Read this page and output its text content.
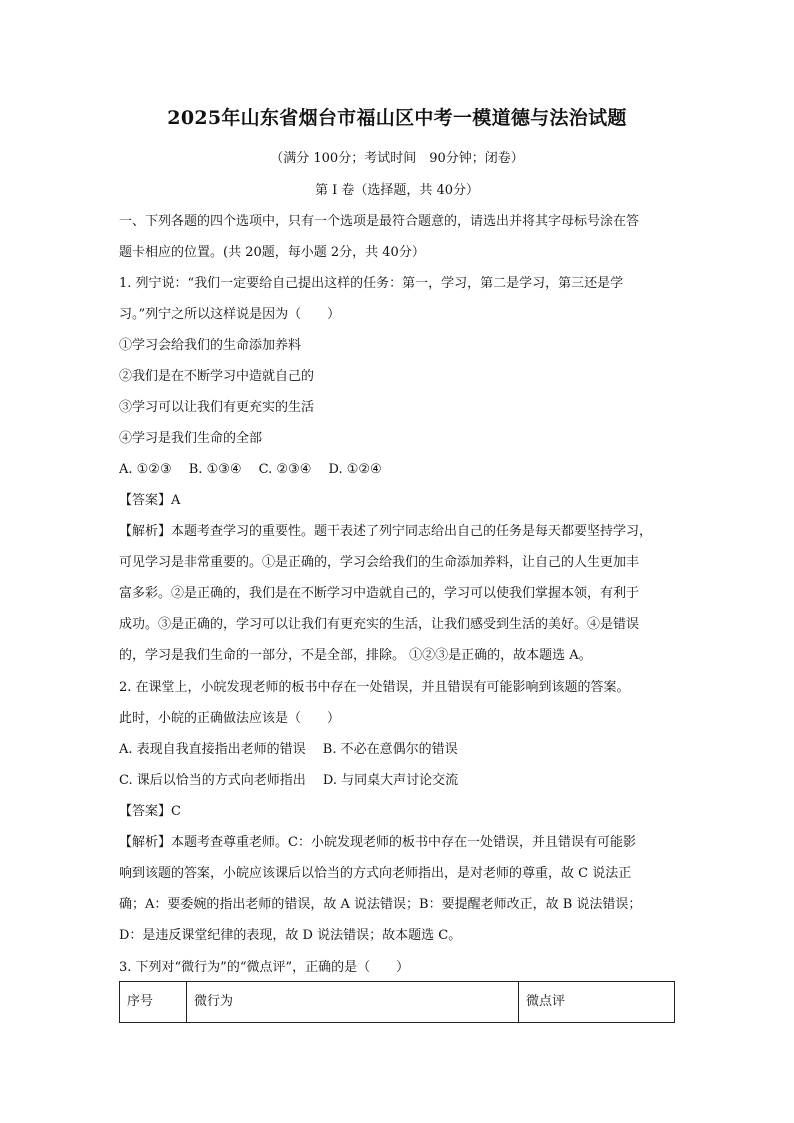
2025年山东省烟台市福山区中考一模道德与法治试题
（满分 100分；考试时间　90分钟；闭卷）
第 I 卷（选择题，共 40分）
一、下列各题的四个选项中，只有一个选项是最符合题意的，请选出并将其字母标号涂在答
题卡相应的位置。(共 20题，每小题 2分，共 40分）
1. 列宁说：“我们一定要给自己提出这样的任务：第一，学习，第二是学习，第三还是学
习。”列宁之所以这样说是因为（　　）
①学习会给我们的生命添加养料
②我们是在不断学习中造就自己的
③学习可以让我们有更充实的生活
④学习是我们生命的全部
A. ①②③　 B. ①③④　 C. ②③④　 D. ①②④
【答案】A
【解析】本题考查学习的重要性。题干表述了列宁同志给出自己的任务是每天都要坚持学习，
可见学习是非常重要的。①是正确的，学习会给我们的生命添加养料，让自己的人生更加丰
富多彩。②是正确的，我们是在不断学习中造就自己的，学习可以使我们掌握本领，有利于
成功。③是正确的，学习可以让我们有更充实的生活，让我们感受到生活的美好。④是错误
的，学习是我们生命的一部分，不是全部，排除。 ①②③是正确的，故本题选 A。
2. 在课堂上，小皖发现老师的板书中存在一处错误，并且错误有可能影响到该题的答案。
此时，小皖的正确做法应该是（　　）
A. 表现自我直接指出老师的错误　 B. 不必在意偶尔的错误
C. 课后以恰当的方式向老师指出　 D. 与同桌大声讨论交流
【答案】C
【解析】本题考查尊重老师。C：小皖发现老师的板书中存在一处错误，并且错误有可能影
响到该题的答案，小皖应该课后以恰当的方式向老师指出，是对老师的尊重，故 C 说法正
确；A：要委婉的指出老师的错误，故 A 说法错误；B：要提醒老师改正，故 B 说法错误；
D：是违反课堂纪律的表现，故 D 说法错误；故本题选 C。
3. 下列对“微行为”的“微点评”，正确的是（　　）
序号	微行为	微点评
